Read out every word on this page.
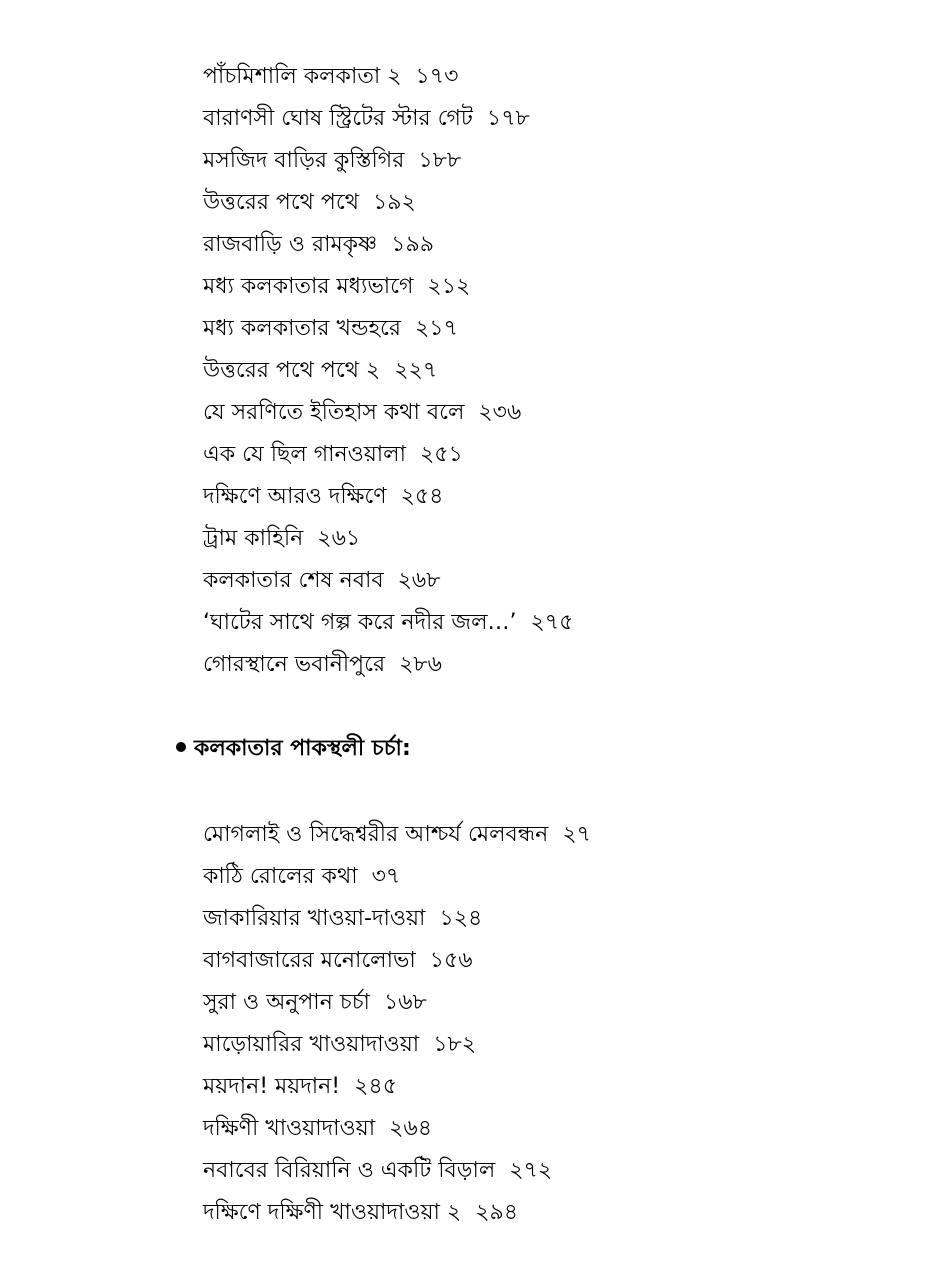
পাঁচমিশালি কলকাতা ২ ১৭৩
বারাণসী ঘোষ স্ট্রিটের স্টার গেট ১৭৮
মসজিদ বাড়ির কুস্তিগির ১৮৮
উত্তরের পথে পথে ১৯২
রাজবাড়ি ও রামকৃষ্ণ ১৯৯
মধ্য কলকাতার মধ্যভাগে ২১২
মধ্য কলকাতার খন্ডহরে ২১৭
উত্তরের পথে পথে ২ ২২৭
যে সরণিতে ইতিহাস কথা বলে ২৩৬
এক যে ছিল গানওয়ালা ২৫১
দক্ষিণে আরও দক্ষিণে ২৫৪
ট্রাম কাহিনি ২৬১
কলকাতার শেষ নবাব ২৬৮
‘ঘাটের সাথে গল্প করে নদীর জল…’ ২৭৫
গোরস্থানে ভবানীপুরে ২৮৬
কলকাতার পাকস্থলী চর্চা:
মোগলাই ও সিদ্ধেশ্বরীর আশ্চর্য মেলবন্ধন ২৭
কাঠি রোলের কথা ৩৭
জাকারিয়ার খাওয়া-দাওয়া ১২৪
বাগবাজারের মনোলোভা ১৫৬
সুরা ও অনুপান চর্চা ১৬৮
মাড়োয়ারির খাওয়াদাওয়া ১৮২
ময়দান! ময়দান! ২৪৫
দক্ষিণী খাওয়াদাওয়া ২৬৪
নবাবের বিরিয়ানি ও একটি বিড়াল ২৭২
দক্ষিণে দক্ষিণী খাওয়াদাওয়া ২ ২৯৪
